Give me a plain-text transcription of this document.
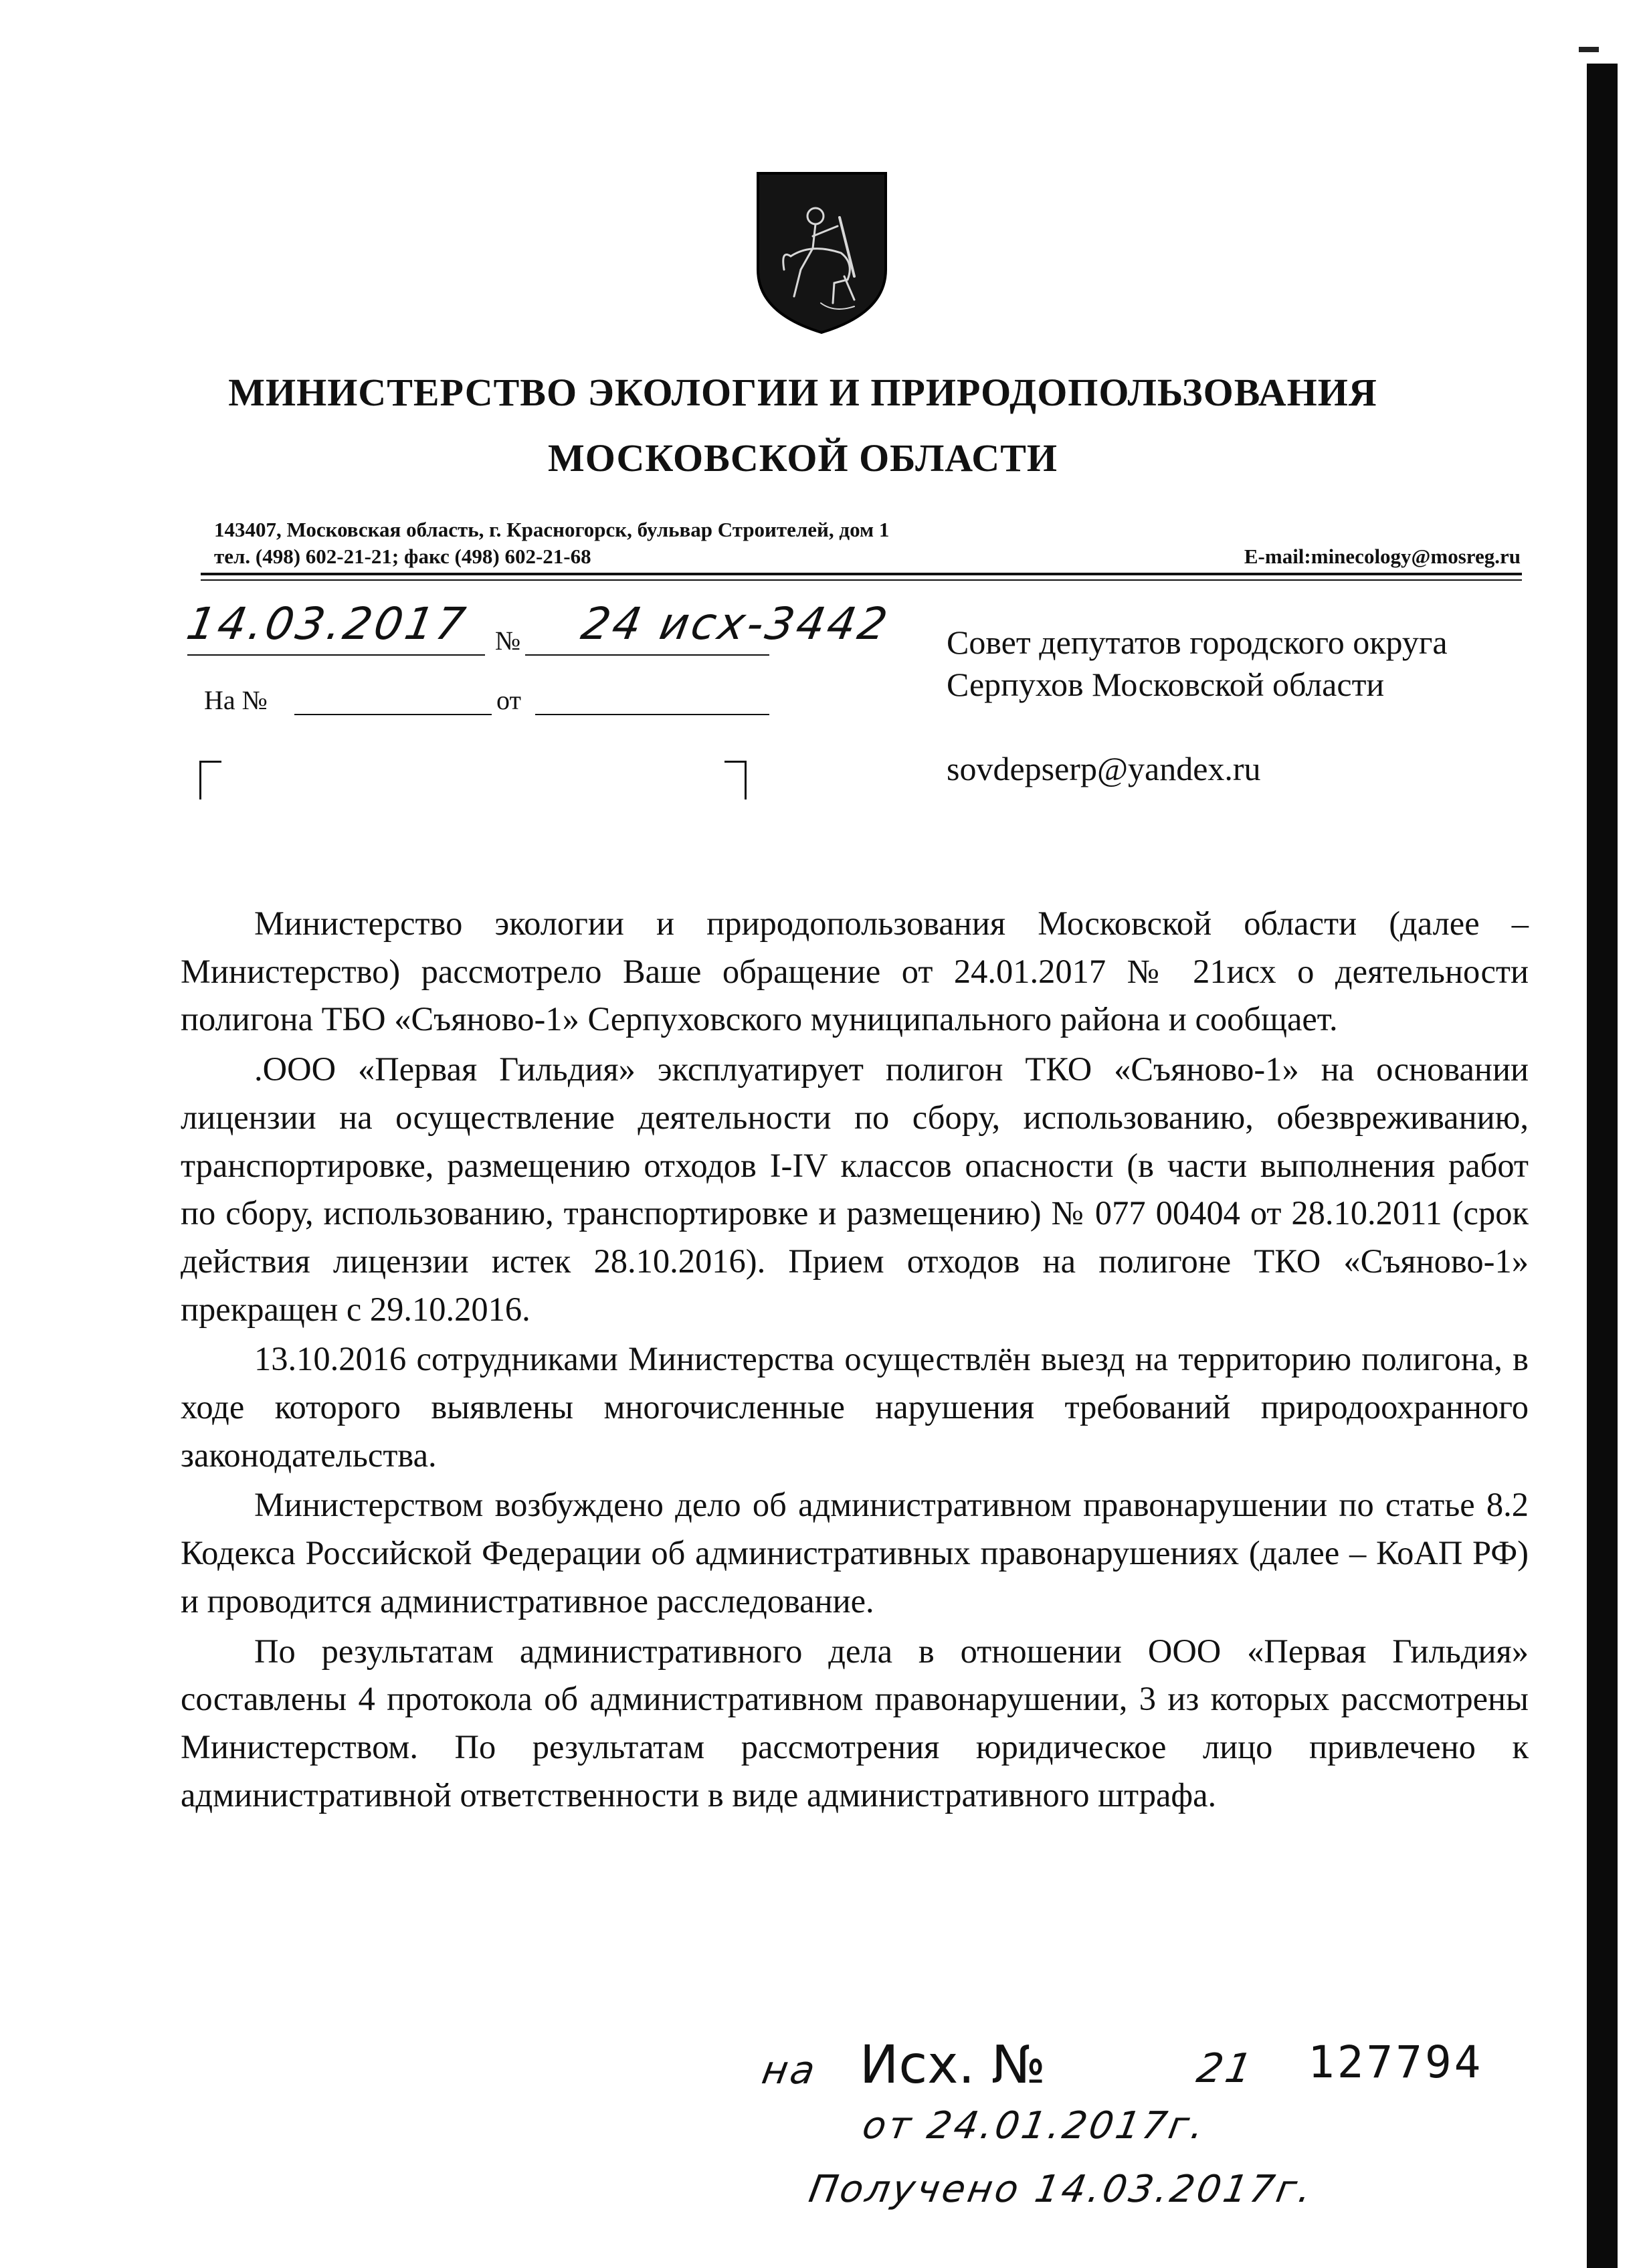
МИНИСТЕРСТВО ЭКОЛОГИИ И ПРИРОДОПОЛЬЗОВАНИЯ
МОСКОВСКОЙ ОБЛАСТИ
143407, Московская область, г. Красногорск, бульвар Строителей, дом 1
тел. (498) 602-21-21; факс (498) 602-21-68	E-mail:minecology@mosreg.ru
14.03.2017 № 24 исх-3442
На №	от
Совет депутатов городского округа
Серпухов Московской области
sovdepserp@yandex.ru

Министерство экологии и природопользования Московской области (далее – Министерство) рассмотрело Ваше обращение от 24.01.2017 № 21исх о деятельности полигона ТБО «Съяново-1» Серпуховского муниципального района и сообщает.

.ООО «Первая Гильдия» эксплуатирует полигон ТКО «Съяново-1» на основании лицензии на осуществление деятельности по сбору, использованию, обезвреживанию, транспортировке, размещению отходов I-IV классов опасности (в части выполнения работ по сбору, использованию, транспортировке и размещению) № 077 00404 от 28.10.2011 (срок действия лицензии истек 28.10.2016). Прием отходов на полигоне ТКО «Съяново-1» прекращен с 29.10.2016.

13.10.2016 сотрудниками Министерства осуществлён выезд на территорию полигона, в ходе которого выявлены многочисленные нарушения требований природоохранного законодательства.

Министерством возбуждено дело об административном правонарушении по статье 8.2 Кодекса Российской Федерации об административных правонарушениях (далее – КоАП РФ) и проводится административное расследование.

По результатам административного дела в отношении ООО «Первая Гильдия» составлены 4 протокола об административном правонарушении, 3 из которых рассмотрены Министерством. По результатам рассмотрения юридическое лицо привлечено к административной ответственности в виде административного штрафа.

на Исх. №	21 127794
от 24.01.2017г.
Получено 14.03.2017г.
